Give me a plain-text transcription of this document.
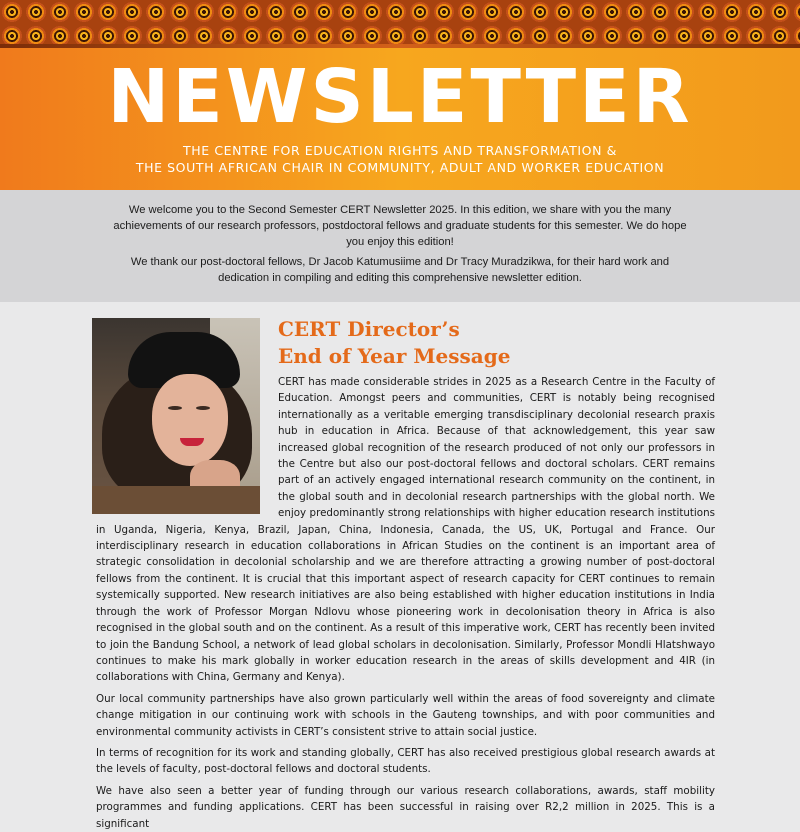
NEWSLETTER
THE CENTRE FOR EDUCATION RIGHTS AND TRANSFORMATION &
THE SOUTH AFRICAN CHAIR IN COMMUNITY, ADULT AND WORKER EDUCATION

We welcome you to the Second Semester CERT Newsletter 2025. In this edition, we share with you the many achievements of our research professors, postdoctoral fellows and graduate students for this semester. We do hope you enjoy this edition!

We thank our post-doctoral fellows, Dr Jacob Katumusiime and Dr Tracy Muradzikwa, for their hard work and dedication in compiling and editing this comprehensive newsletter edition.

CERT Director’s
End of Year Message

CERT has made considerable strides in 2025 as a Research Centre in the Faculty of Education. Amongst peers and communities, CERT is notably being recognised internationally as a veritable emerging transdisciplinary decolonial research praxis hub in education in Africa. Because of that acknowledgement, this year saw increased global recognition of the research produced of not only our professors in the Centre but also our post-doctoral fellows and doctoral scholars. CERT remains part of an actively engaged international research community on the continent, in the global south and in decolonial research partnerships with the global north. We enjoy predominantly strong relationships with higher education research institutions in Uganda, Nigeria, Kenya, Brazil, Japan, China, Indonesia, Canada, the US, UK, Portugal and France. Our interdisciplinary research in education collaborations in African Studies on the continent is an important area of strategic consolidation in decolonial scholarship and we are therefore attracting a growing number of post-doctoral fellows from the continent. It is crucial that this important aspect of research capacity for CERT continues to remain systemically supported. New research initiatives are also being established with higher education institutions in India through the work of Professor Morgan Ndlovu whose pioneering work in decolonisation theory in Africa is also recognised in the global south and on the continent. As a result of this imperative work, CERT has recently been invited to join the Bandung School, a network of lead global scholars in decolonisation. Similarly, Professor Mondli Hlatshwayo continues to make his mark globally in worker education research in the areas of skills development and 4IR (in collaborations with China, Germany and Kenya).

Our local community partnerships have also grown particularly well within the areas of food sovereignty and climate change mitigation in our continuing work with schools in the Gauteng townships, and with poor communities and environmental community activists in CERT’s consistent strive to attain social justice.

In terms of recognition for its work and standing globally, CERT has also received prestigious global research awards at the levels of faculty, post-doctoral fellows and doctoral students.

We have also seen a better year of funding through our various research collaborations, awards, staff mobility programmes and funding applications. CERT has been successful in raising over R2,2 million in 2025. This is a significant
